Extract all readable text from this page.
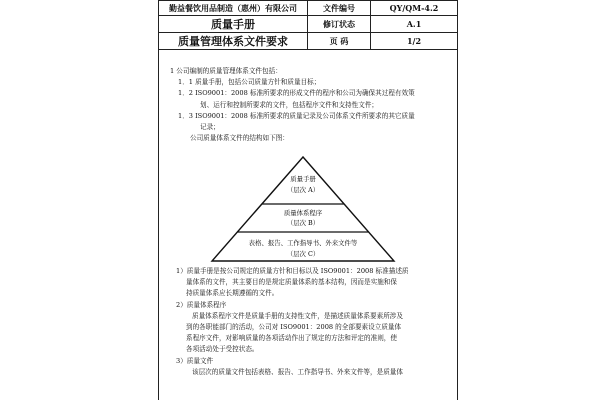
勤益餐饮用品制造（惠州）有限公司	文件编号	QY/QM-4.2
质量手册	修订状态	A.1
质量管理体系文件要求	页 码	1/2

1 公司编制的质量管理体系文件包括：

1．1 质量手册，包括公司质量方针和质量目标；

1．2 ISO9001：2008 标准所要求的形成文件的程序和公司为确保其过程有效策

划、运行和控制所要求的文件，包括程序文件和支持性文件；

1．3 ISO9001：2008 标准所要求的质量记录及公司体系文件所要求的其它质量

记录；

公司质量体系文件的结构如下图：

质量手册
（层次 A）
质量体系程序
（层次 B）
表格、报告、工作指导书、外来文件等
（层次 C）

1）质量手册是按公司规定的质量方针和目标以及 ISO9001：2008 标准描述质

量体系的文件，其主要目的是规定质量体系的基本结构，因而是实施和保

持质量体系应长期遵循的文件。

2）质量体系程序

质量体系程序文件是质量手册的支持性文件，是描述质量体系要素所涉及

到的各职能部门的活动，公司对 ISO9001：2008 的全部要素设立质量体

系程序文件，对影响质量的各项活动作出了规定的方法和评定的准则，使

各项活动处于受控状态。

3）质量文件

该层次的质量文件包括表格、报告、工作指导书、外来文件等，是质量体
